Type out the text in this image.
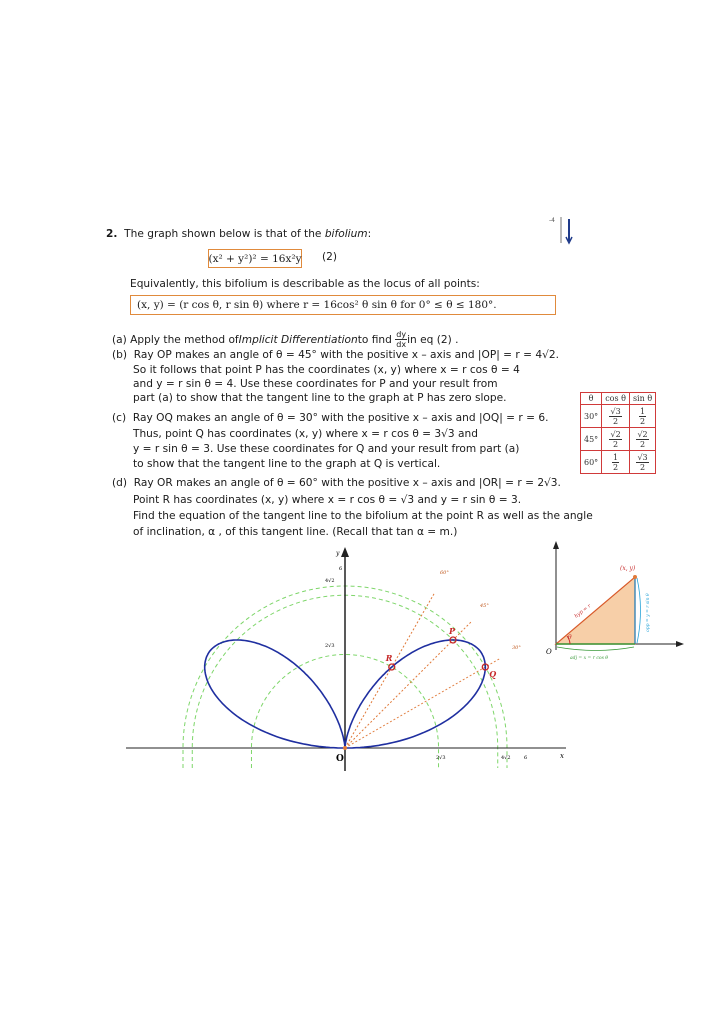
-4
2. The graph shown below is that of the bifolium:
(x² + y²)² = 16x²y (2)
Equivalently, this bifolium is describable as the locus of all points:
(x, y) = (r cos θ, r sin θ) where r = 16cos² θ sin θ for 0° ≤ θ ≤ 180°.
(a)
Apply the method of Implicit Differentiation to find
$\frac{dy}{dx}$ in eq (2) .
(b) Ray OP makes an angle of θ = 45° with the positive x – axis and |OP| = r = 4√2.
So it follows that point P has the coordinates (x, y) where x = r cos θ = 4
and y = r sin θ = 4. Use these coordinates for P and your result from
part (a) to show that the tangent line to the graph at P has zero slope.
(c) Ray OQ makes an angle of θ = 30° with the positive x – axis and |OQ| = r = 6.
Thus, point Q has coordinates (x, y) where x = r cos θ = 3√3 and
y = r sin θ = 3. Use these coordinates for Q and your result from part (a)
to show that the tangent line to the graph at Q is vertical.
(d) Ray OR makes an angle of θ = 60° with the positive x – axis and |OR| = r = 2√3.
Point R has coordinates (x, y) where x = r cos θ = √3 and y = r sin θ = 3.
Find the equation of the tangent line to the bifolium at the point R as well as the angle
of inclination, α , of this tangent line. (Recall that tan α = m.)
θ	cos θ	sin θ
30°	$\frac{√3}{2}$	$\frac{1}{2}$

45°	$\frac{√2}{2}$	$\frac{√2}{2}$

60°	$\frac{1}{2}$	$\frac{√3}{2}$
P
Q
R
O	x
y
6
4√2
2√3
2√3	4√2	6
60°
45°
30°
(x, y)
hyp = r	opp = y = r sin θ
adj = x = r cos θ
θ
O
